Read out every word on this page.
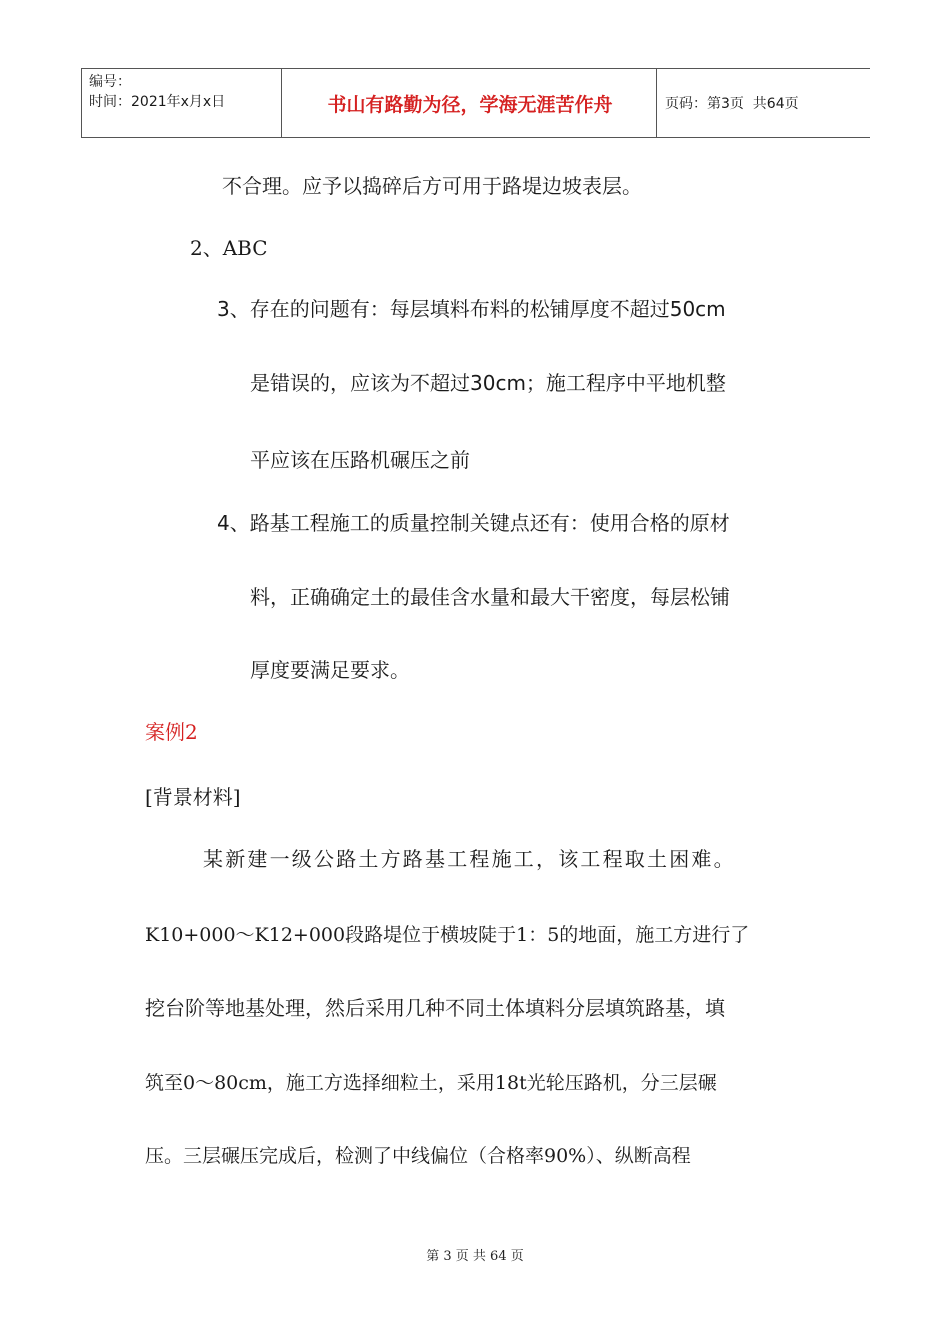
编号：
时间：2021年x月x日	书山有路勤为径，学海无涯苦作舟	页码：第3页  共64页
不合理。应予以捣碎后方可用于路堤边坡表层。
2、ABC
3、存在的问题有：每层填料布料的松铺厚度不超过50cm
是错误的，应该为不超过30cm；施工程序中平地机整
平应该在压路机碾压之前
4、路基工程施工的质量控制关键点还有：使用合格的原材
料，正确确定土的最佳含水量和最大干密度，每层松铺
厚度要满足要求。
案例2
[背景材料]
某新建一级公路土方路基工程施工，该工程取土困难。
K10+000～K12+000段路堤位于横坡陡于1：5的地面，施工方进行了
挖台阶等地基处理，然后采用几种不同土体填料分层填筑路基，填
筑至0～80cm，施工方选择细粒土，采用18t光轮压路机，分三层碾
压。三层碾压完成后，检测了中线偏位（合格率90%）、纵断高程
第 3 页 共 64 页
